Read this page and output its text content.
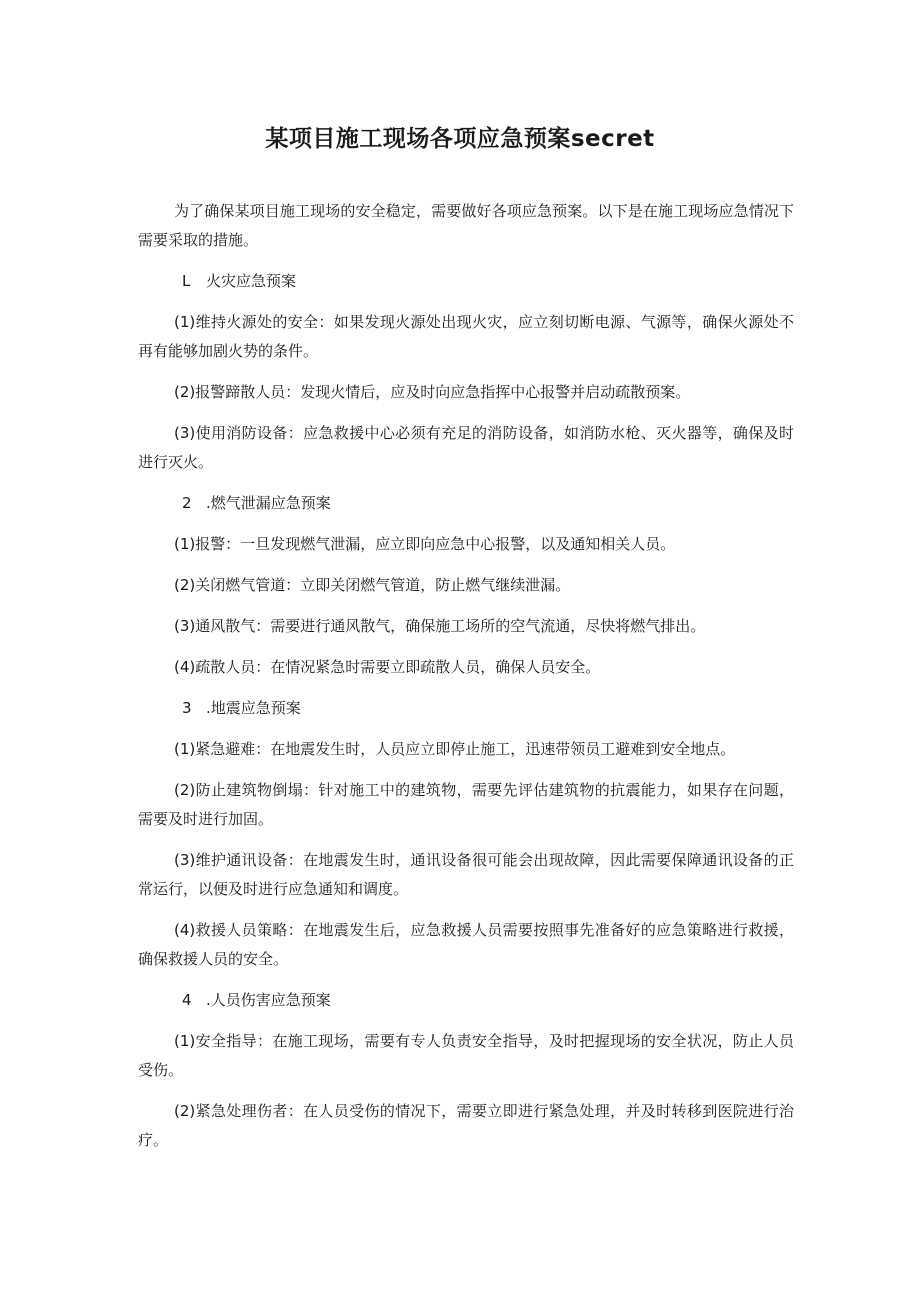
某项目施工现场各项应急预案secret

为了确保某项目施工现场的安全稳定，需要做好各项应急预案。以下是在施工现场应急情况下需要采取的措施。

L 火灾应急预案

(1)维持火源处的安全：如果发现火源处出现火灾，应立刻切断电源、气源等，确保火源处不再有能够加剧火势的条件。

(2)报警蹄散人员：发现火情后，应及时向应急指挥中心报警并启动疏散预案。

(3)使用消防设备：应急救援中心必须有充足的消防设备，如消防水枪、灭火器等，确保及时进行灭火。

2 .燃气泄漏应急预案

(1)报警：一旦发现燃气泄漏，应立即向应急中心报警，以及通知相关人员。

(2)关闭燃气管道：立即关闭燃气管道，防止燃气继续泄漏。

(3)通风散气：需要进行通风散气，确保施工场所的空气流通，尽快将燃气排出。

(4)疏散人员：在情况紧急时需要立即疏散人员，确保人员安全。

3 .地震应急预案

(1)紧急避难：在地震发生时，人员应立即停止施工，迅速带领员工避难到安全地点。

(2)防止建筑物倒塌：针对施工中的建筑物，需要先评估建筑物的抗震能力，如果存在问题，需要及时进行加固。

(3)维护通讯设备：在地震发生时，通讯设备很可能会出现故障，因此需要保障通讯设备的正常运行，以便及时进行应急通知和调度。

(4)救援人员策略：在地震发生后，应急救援人员需要按照事先准备好的应急策略进行救援，确保救援人员的安全。

4 .人员伤害应急预案

(1)安全指导：在施工现场，需要有专人负责安全指导，及时把握现场的安全状况，防止人员受伤。

(2)紧急处理伤者：在人员受伤的情况下，需要立即进行紧急处理，并及时转移到医院进行治疗。
